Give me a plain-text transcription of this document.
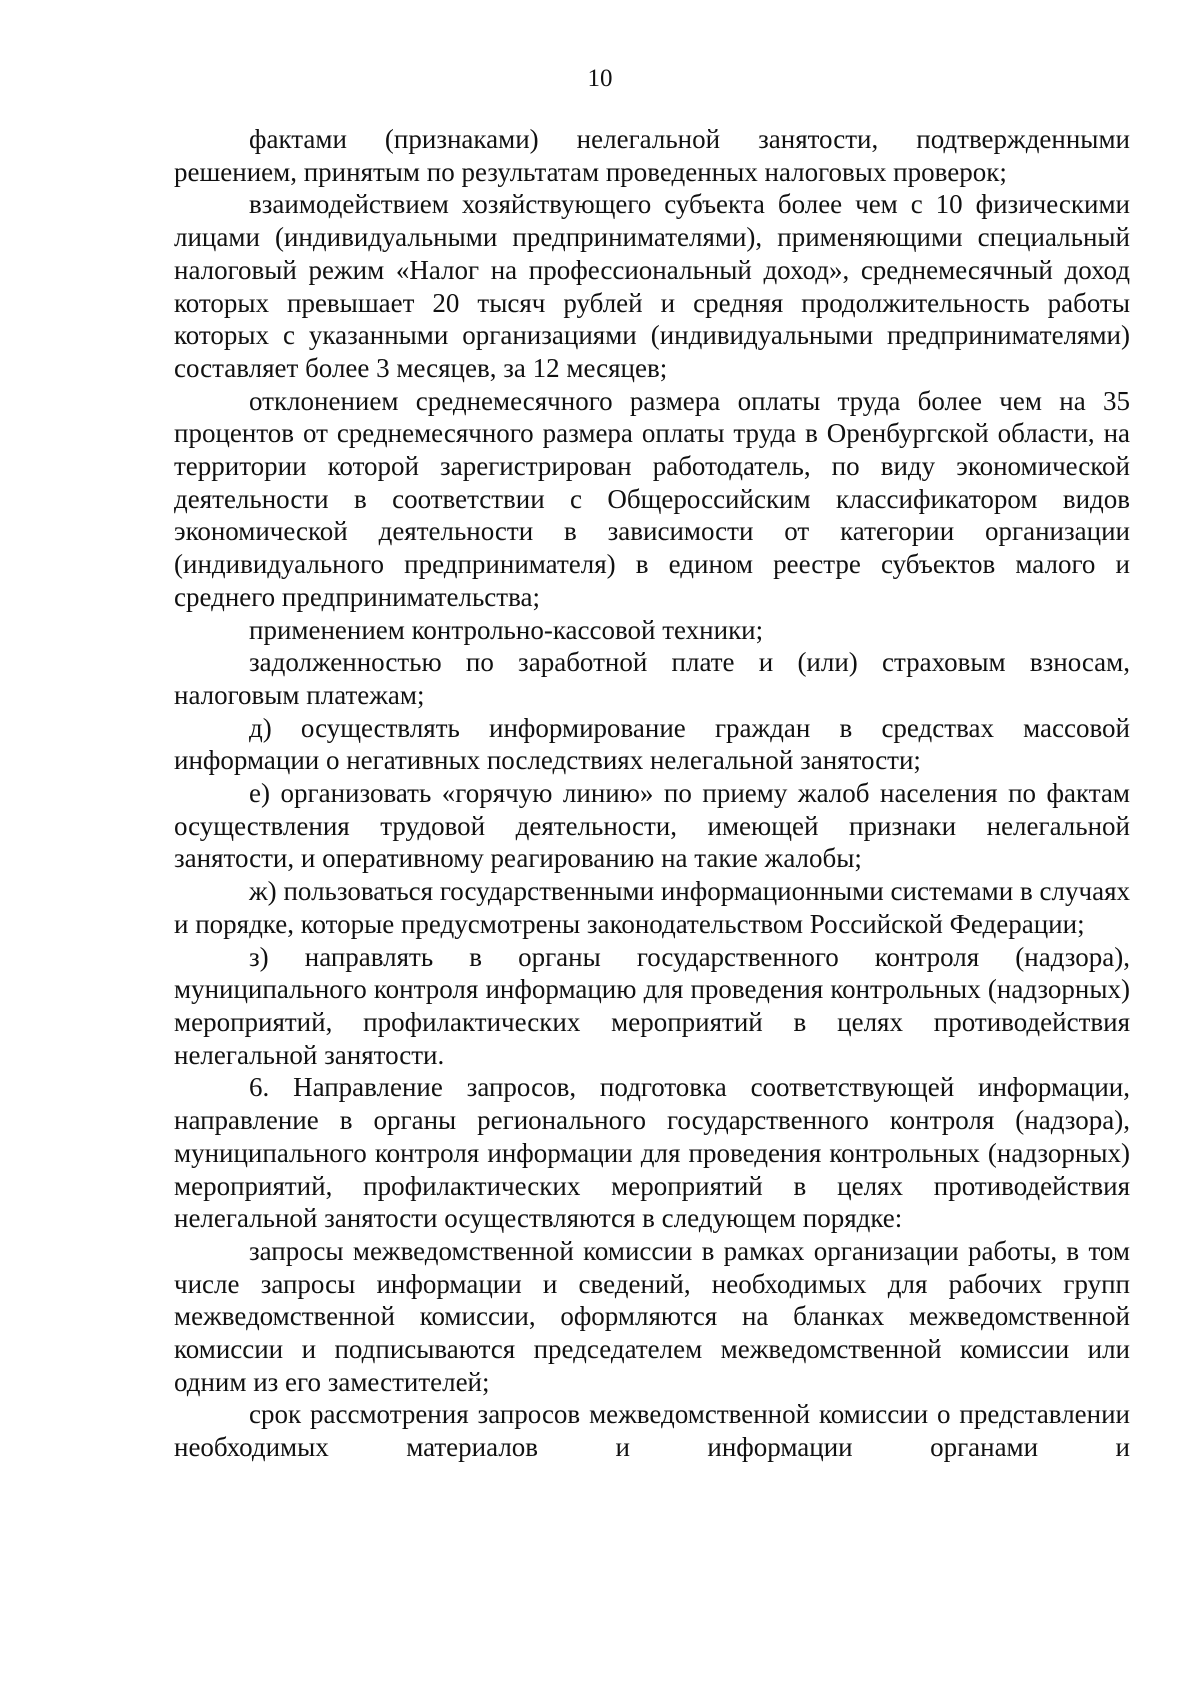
10

фактами (признаками) нелегальной занятости, подтвержденными решением, принятым по результатам проведенных налоговых проверок;

взаимодействием хозяйствующего субъекта более чем с 10 физическими лицами (индивидуальными предпринимателями), применяющими специальный налоговый режим «Налог на профессиональный доход», среднемесячный доход которых превышает 20 тысяч рублей и средняя продолжительность работы которых с указанными организациями (индивидуальными предпринимателями) составляет более 3 месяцев, за 12 месяцев;

отклонением среднемесячного размера оплаты труда более чем на 35 процентов от среднемесячного размера оплаты труда в Оренбургской области, на территории которой зарегистрирован работодатель, по виду экономической деятельности в соответствии с Общероссийским классификатором видов экономической деятельности в зависимости от категории организации (индивидуального предпринимателя) в едином реестре субъектов малого и среднего предпринимательства;

применением контрольно-кассовой техники;

задолженностью по заработной плате и (или) страховым взносам, налоговым платежам;

д) осуществлять информирование граждан в средствах массовой информации о негативных последствиях нелегальной занятости;

е) организовать «горячую линию» по приему жалоб населения по фактам осуществления трудовой деятельности, имеющей признаки нелегальной занятости, и оперативному реагированию на такие жалобы;

ж) пользоваться государственными информационными системами в случаях и порядке, которые предусмотрены законодательством Российской Федерации;

з) направлять в органы государственного контроля (надзора), муниципального контроля информацию для проведения контрольных (надзорных) мероприятий, профилактических мероприятий в целях противодействия нелегальной занятости.

6. Направление запросов, подготовка соответствующей информации, направление в органы регионального государственного контроля (надзора), муниципального контроля информации для проведения контрольных (надзорных) мероприятий, профилактических мероприятий в целях противодействия нелегальной занятости осуществляются в следующем порядке:

запросы межведомственной комиссии в рамках организации работы, в том числе запросы информации и сведений, необходимых для рабочих групп межведомственной комиссии, оформляются на бланках межведомственной комиссии и подписываются председателем межведомственной комиссии или одним из его заместителей;

срок рассмотрения запросов межведомственной комиссии о представлении необходимых материалов и информации органами и
